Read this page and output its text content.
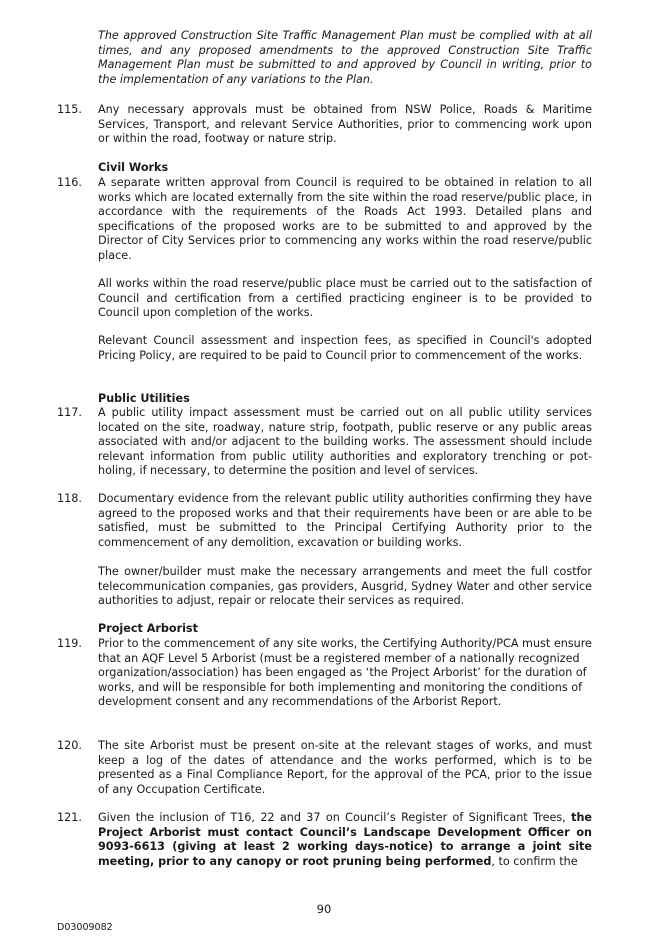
The approved Construction Site Traffic Management Plan must be complied with at all times, and any proposed amendments to the approved Construction Site Traffic Management Plan must be submitted to and approved by Council in writing, prior to the implementation of any variations to the Plan.

115. Any necessary approvals must be obtained from NSW Police, Roads & Maritime Services, Transport, and relevant Service Authorities, prior to commencing work upon or within the road, footway or nature strip.

Civil Works

116. A separate written approval from Council is required to be obtained in relation to all works which are located externally from the site within the road reserve/public place, in accordance with the requirements of the Roads Act 1993. Detailed plans and specifications of the proposed works are to be submitted to and approved by the Director of City Services prior to commencing any works within the road reserve/public place.

All works within the road reserve/public place must be carried out to the satisfaction of Council and certification from a certified practicing engineer is to be provided to Council upon completion of the works.

Relevant Council assessment and inspection fees, as specified in Council's adopted Pricing Policy, are required to be paid to Council prior to commencement of the works.

Public Utilities

117. A public utility impact assessment must be carried out on all public utility services located on the site, roadway, nature strip, footpath, public reserve or any public areas associated with and/or adjacent to the building works. The assessment should include relevant information from public utility authorities and exploratory trenching or pot-holing, if necessary, to determine the position and level of services.

118. Documentary evidence from the relevant public utility authorities confirming they have agreed to the proposed works and that their requirements have been or are able to be satisfied, must be submitted to the Principal Certifying Authority prior to the commencement of any demolition, excavation or building works.

The owner/builder must make the necessary arrangements and meet the full costfor telecommunication companies, gas providers, Ausgrid, Sydney Water and other service authorities to adjust, repair or relocate their services as required.

Project Arborist

119. Prior to the commencement of any site works, the Certifying Authority/PCA must ensure that an AQF Level 5 Arborist (must be a registered member of a nationally recognized organization/association) has been engaged as ‘the Project Arborist’ for the duration of works, and will be responsible for both implementing and monitoring the conditions of development consent and any recommendations of the Arborist Report.

120. The site Arborist must be present on-site at the relevant stages of works, and must keep a log of the dates of attendance and the works performed, which is to be presented as a Final Compliance Report, for the approval of the PCA, prior to the issue of any Occupation Certificate.

121. Given the inclusion of T16, 22 and 37 on Council’s Register of Significant Trees, the Project Arborist must contact Council’s Landscape Development Officer on 9093-6613 (giving at least 2 working days-notice) to arrange a joint site meeting, prior to any canopy or root pruning being performed, to confirm the

90
D03009082
